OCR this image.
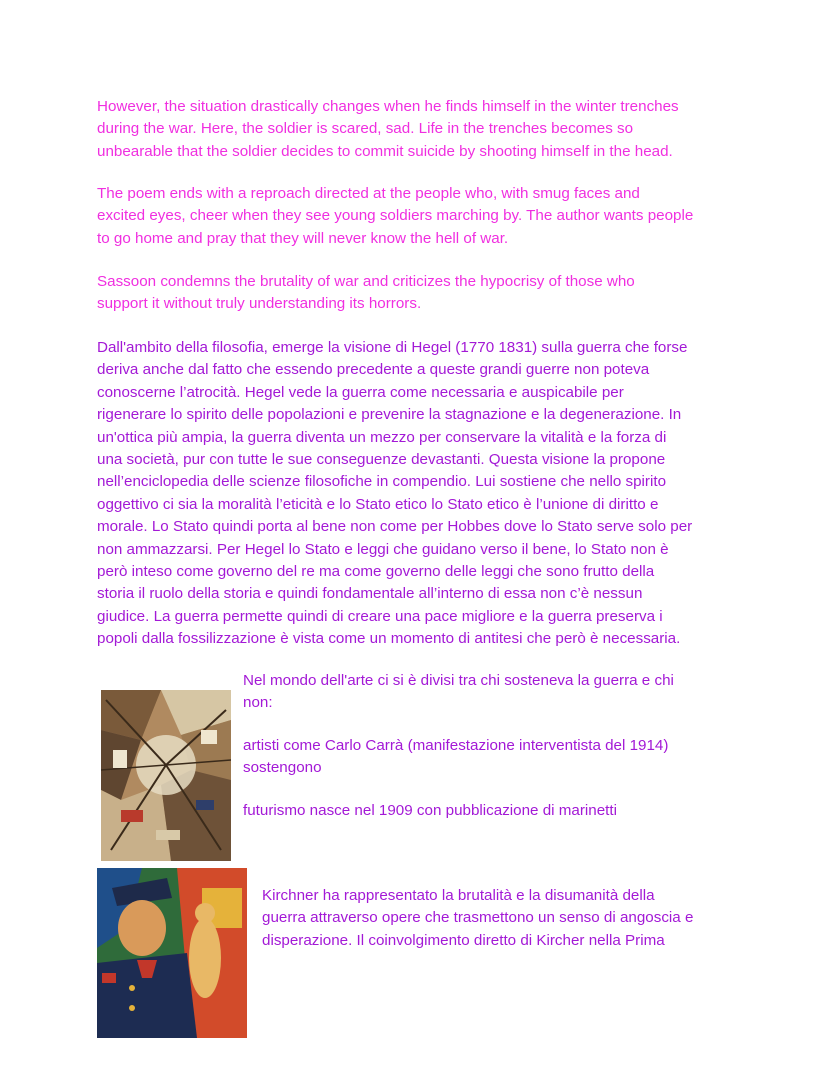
However, the situation drastically changes when he finds himself in the winter trenches
during the war. Here, the soldier is scared, sad. Life in the trenches becomes so
unbearable that the soldier decides to commit suicide by shooting himself in the head.

The poem ends with a reproach directed at the people who, with smug faces and
excited eyes, cheer when they see young soldiers marching by. The author wants people
to go home and pray that they will never know the hell of war.

Sassoon condemns the brutality of war and criticizes the hypocrisy of those who
support it without truly understanding its horrors.

Dall'ambito della filosofia, emerge la visione di Hegel (1770 1831) sulla guerra che forse
deriva anche dal fatto che essendo precedente a queste grandi guerre non poteva
conoscerne l’atrocità. Hegel vede la guerra come necessaria e auspicabile per
rigenerare lo spirito delle popolazioni e prevenire la stagnazione e la degenerazione. In
un'ottica più ampia, la guerra diventa un mezzo per conservare la vitalità e la forza di
una società, pur con tutte le sue conseguenze devastanti. Questa visione la propone
nell’enciclopedia delle scienze filosofiche in compendio. Lui sostiene che nello spirito
oggettivo ci sia la moralità l’eticità e lo Stato etico lo Stato etico è l’unione di diritto e
morale. Lo Stato quindi porta al bene non come per Hobbes dove lo Stato serve solo per
non ammazzarsi. Per Hegel lo Stato e leggi che guidano verso il bene, lo Stato non è
però inteso come governo del re ma come governo delle leggi che sono frutto della
storia il ruolo della storia e quindi fondamentale all’interno di essa non c’è nessun
giudice. La guerra permette quindi di creare una pace migliore e la guerra preserva i
popoli dalla fossilizzazione è vista come un momento di antitesi che però è necessaria.

Nel mondo dell'arte ci si è divisi tra chi sosteneva la guerra e chi
non:

artisti come Carlo Carrà (manifestazione interventista del 1914)
sostengono

futurismo nasce nel 1909 con pubblicazione di marinetti

Kirchner ha rappresentato la brutalità e la disumanità della
guerra attraverso opere che trasmettono un senso di angoscia e
disperazione. Il coinvolgimento diretto di Kircher nella Prima
